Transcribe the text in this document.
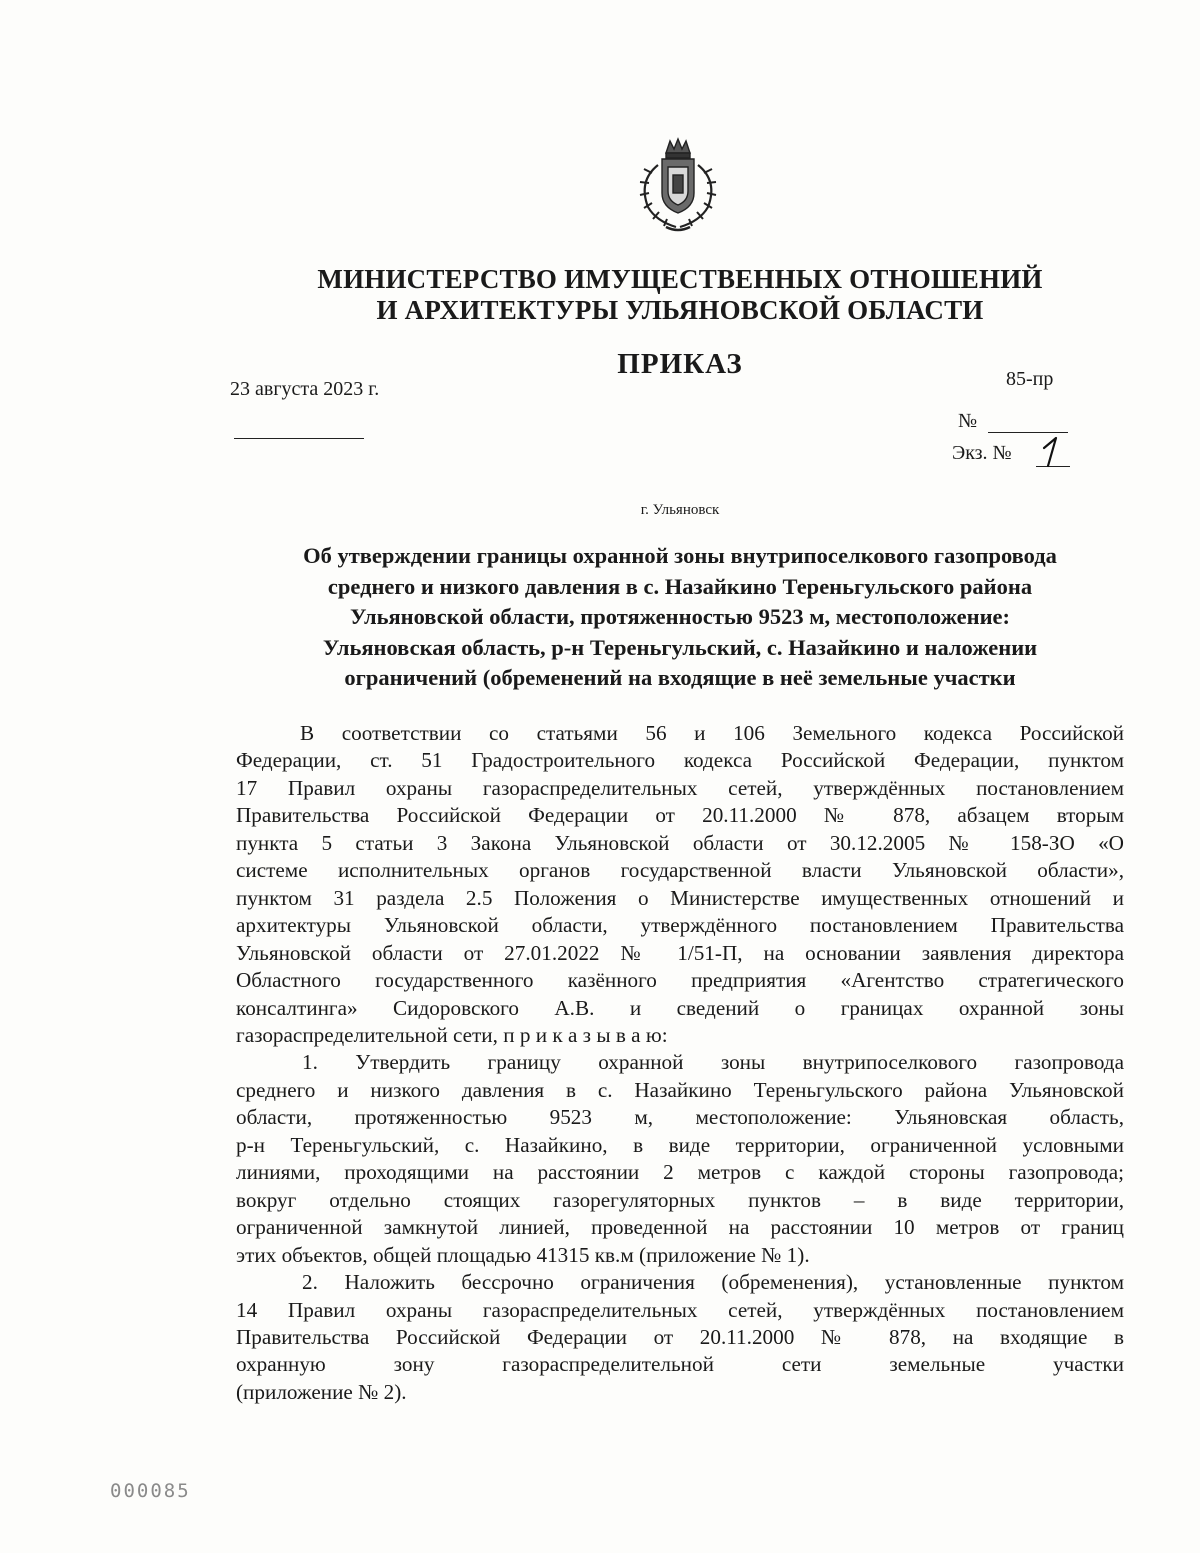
МИНИСТЕРСТВО ИМУЩЕСТВЕННЫХ ОТНОШЕНИЙ
И АРХИТЕКТУРЫ УЛЬЯНОВСКОЙ ОБЛАСТИ
ПРИКАЗ
23 августа 2023 г.	85-пр
№
Экз. №
г. Ульяновск
Об утверждении границы охранной зоны внутрипоселкового газопровода
среднего и низкого давления в с. Назайкино Тереньгульского района
Ульяновской области, протяженностью 9523 м, местоположение:
Ульяновская область, р-н Тереньгульский, с. Назайкино и наложении
ограничений (обременений на входящие в неё земельные участки
В соответствии со статьями 56 и 106 Земельного кодекса Российской
Федерации, ст. 51 Градостроительного кодекса Российской Федерации, пунктом
17 Правил охраны газораспределительных сетей, утверждённых постановлением
Правительства Российской Федерации от 20.11.2000 № 878, абзацем вторым
пункта 5 статьи 3 Закона Ульяновской области от 30.12.2005 № 158-ЗО «О
системе исполнительных органов государственной власти Ульяновской области»,
пунктом 31 раздела 2.5 Положения о Министерстве имущественных отношений и
архитектуры Ульяновской области, утверждённого постановлением Правительства
Ульяновской области от 27.01.2022 № 1/51-П, на основании заявления директора
Областного государственного казённого предприятия «Агентство стратегического
консалтинга» Сидоровского А.В. и сведений о границах охранной зоны
газораспределительной сети, п р и к а з ы в а ю:
1. Утвердить границу охранной зоны внутрипоселкового газопровода
среднего и низкого давления в с. Назайкино Тереньгульского района Ульяновской
области, протяженностью 9523 м, местоположение: Ульяновская область,
р-н Тереньгульский, с. Назайкино, в виде территории, ограниченной условными
линиями, проходящими на расстоянии 2 метров с каждой стороны газопровода;
вокруг отдельно стоящих газорегуляторных пунктов – в виде территории,
ограниченной замкнутой линией, проведенной на расстоянии 10 метров от границ
этих объектов, общей площадью 41315 кв.м (приложение № 1).
2. Наложить бессрочно ограничения (обременения), установленные пунктом
14 Правил охраны газораспределительных сетей, утверждённых постановлением
Правительства Российской Федерации от 20.11.2000 № 878, на входящие в
охранную зону газораспределительной сети земельные участки
(приложение № 2).
000085
